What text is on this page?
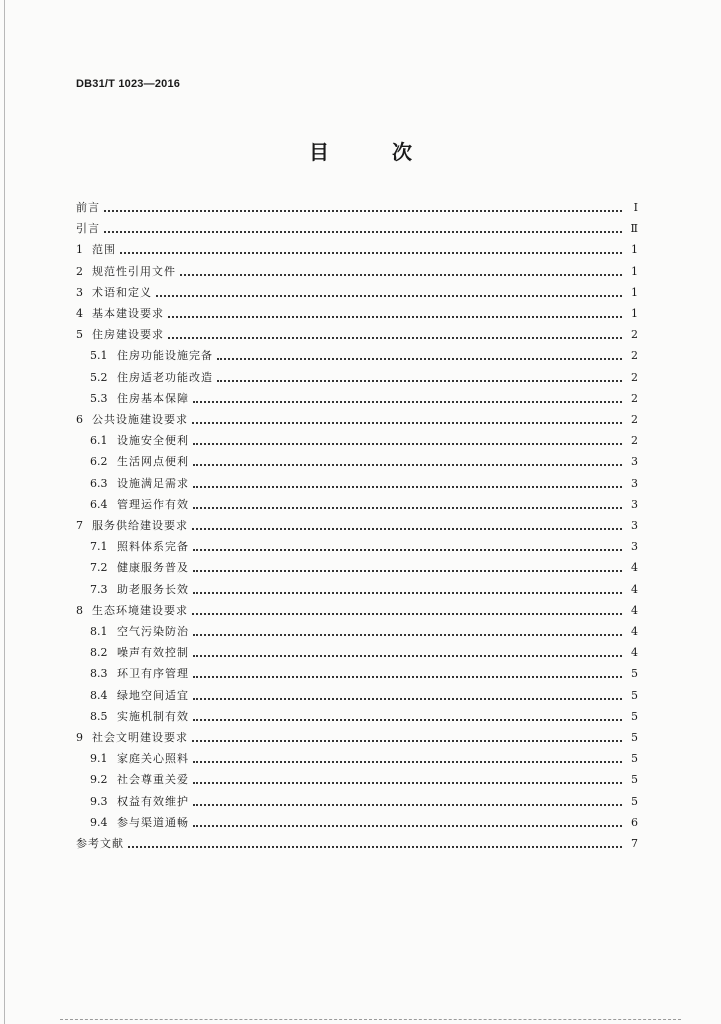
DB31/T 1023—2016
目 次
前言	Ⅰ
引言	Ⅱ
1 范围	1
2 规范性引用文件	1
3 术语和定义	1
4 基本建设要求	1
5 住房建设要求	2
5.1 住房功能设施完备	2
5.2 住房适老功能改造	2
5.3 住房基本保障	2
6 公共设施建设要求	2
6.1 设施安全便利	2
6.2 生活网点便利	3
6.3 设施满足需求	3
6.4 管理运作有效	3
7 服务供给建设要求	3
7.1 照料体系完备	3
7.2 健康服务普及	4
7.3 助老服务长效	4
8 生态环境建设要求	4
8.1 空气污染防治	4
8.2 噪声有效控制	4
8.3 环卫有序管理	5
8.4 绿地空间适宜	5
8.5 实施机制有效	5
9 社会文明建设要求	5
9.1 家庭关心照料	5
9.2 社会尊重关爱	5
9.3 权益有效维护	5
9.4 参与渠道通畅	6
参考文献	7
